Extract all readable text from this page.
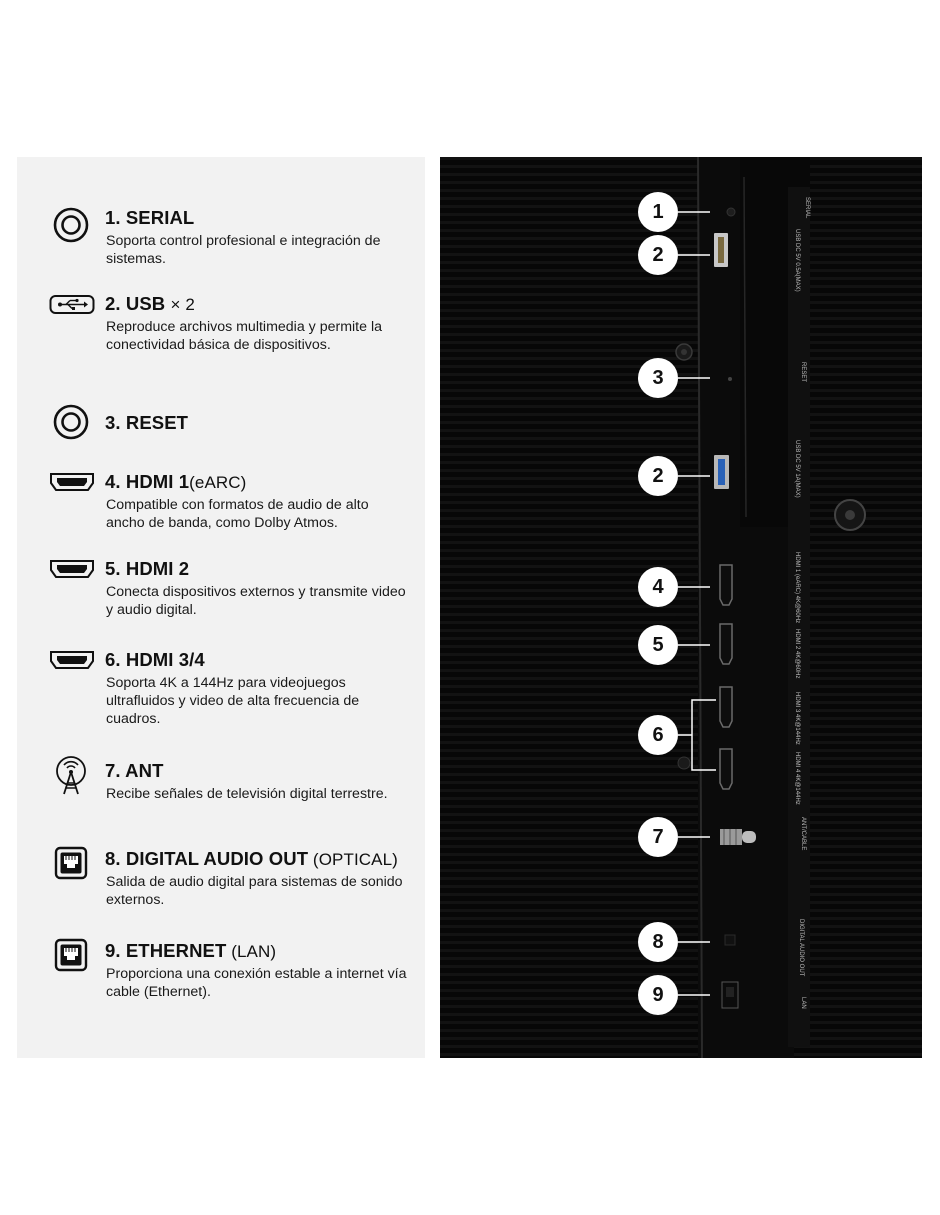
1. SERIAL
Soporta control profesional e integración de sistemas.
2. USB × 2
Reproduce archivos multimedia y permite la conectividad básica de dispositivos.
3. RESET
4. HDMI 1(eARC)
Compatible con formatos de audio de alto ancho de banda, como Dolby Atmos.
5. HDMI 2
Conecta dispositivos externos y transmite video y audio digital.
6. HDMI 3/4
Soporta 4K a 144Hz para videojuegos ultrafluidos y video de alta frecuencia de cuadros.
7. ANT
Recibe señales de televisión digital terrestre.
8. DIGITAL AUDIO OUT (OPTICAL)
Salida de audio digital para sistemas de sonido externos.
9. ETHERNET (LAN)
Proporciona una conexión estable a internet vía cable (Ethernet).
SERIAL
USB DC 5V 0.5A(MAX)
RESET
USB DC 5V 1A(MAX)
HDMI 1 (eARC) 4K@60Hz
HDMI 2 4K@60Hz
HDMI 3 4K@144Hz
HDMI 4 4K@144Hz
ANT/CABLE
DIGITAL AUDIO OUT
LAN
1
2
3
2
4
5
6
7
8
9
